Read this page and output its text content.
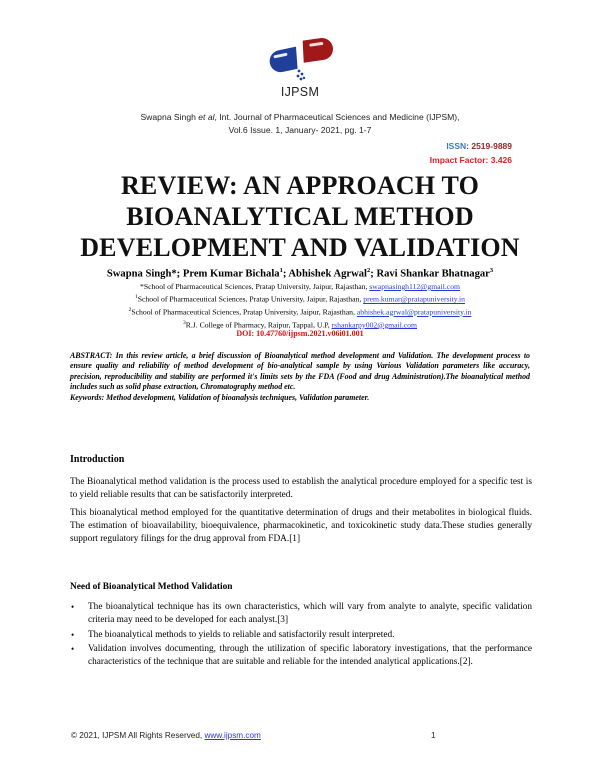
IJPSM
Swapna Singh et al, Int. Journal of Pharmaceutical Sciences and Medicine (IJPSM),
Vol.6 Issue. 1, January- 2021, pg. 1-7
ISSN: 2519-9889
Impact Factor: 3.426
REVIEW: AN APPROACH TO
BIOANALYTICAL METHOD
DEVELOPMENT AND VALIDATION
Swapna Singh*; Prem Kumar Bichala$^1$; Abhishek Agrwal$^2$; Ravi Shankar Bhatnagar$^3$
*School of Pharmaceutical Sciences, Pratap University, Jaipur, Rajasthan, swapnasingh112@gmail.com
$^1$School of Pharmaceutical Sciences, Pratap University, Jaipur, Rajasthan, prem.kumar@pratapuniversity.in
$^2$School of Pharmaceutical Sciences, Pratap University, Jaipur, Rajasthan, abhishek.agrwal@pratapuniversity.in
$^3$R.J. College of Pharmacy, Raipur, Tappal, U.P, rshankarpy002@gmail.com
DOI: 10.47760/ijpsm.2021.v06i01.001

ABSTRACT: In this review article, a brief discussion of Bioanalytical method development and Validation. The development process to ensure quality and reliability of method development of bio-analytical sample by using Various Validation parameters like accuracy, precision, reproducibility and stability are performed it's limits sets by the FDA (Food and drug Administration).The bioanalytical method includes such as solid phase extraction, Chromatography method etc.

Keywords: Method development, Validation of bioanalysis techniques, Validation parameter.

Introduction
The Bioanalytical method validation is the process used to establish the analytical procedure employed for a specific test is to yield reliable results that can be satisfactorily interpreted.
This bioanalytical method employed for the quantitative determination of drugs and their metabolites in biological fluids. The estimation of bioavailability, bioequivalence, pharmacokinetic, and toxicokinetic study data.These studies generally support regulatory filings for the drug approval from FDA.[1]
Need of Bioanalytical Method Validation
• The bioanalytical technique has its own characteristics, which will vary from analyte to analyte, specific validation criteria may need to be developed for each analyst.[3]
• The bioanalytical methods to yields to reliable and satisfactorily result interpreted.
• Validation involves documenting, through the utilization of specific laboratory investigations, that the performance characteristics of the technique that are suitable and reliable for the intended analytical applications.[2].
© 2021, IJPSM All Rights Reserved, www.ijpsm.com	1
